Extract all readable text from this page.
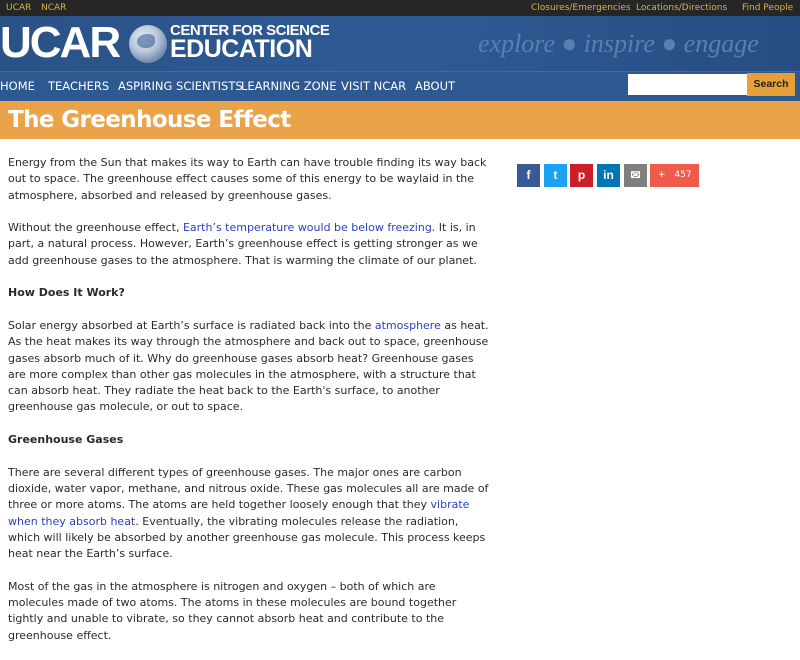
UCAR NCAR	Closures/Emergencies Locations/Directions Find People
UCAR	CENTER FOR SCIENCE
EDUCATION	explore ● inspire ● engage
HOME TEACHERS ASPIRING SCIENTISTS
LEARNING ZONE VISIT NCAR ABOUT	Search
The Greenhouse Effect
f	t	p	in	✉	+ 457

Energy from the Sun that makes its way to Earth can have trouble finding its way back out to space. The greenhouse effect causes some of this energy to be waylaid in the atmosphere, absorbed and released by greenhouse gases.

Without the greenhouse effect, Earth’s temperature would be below freezing. It is, in part, a natural process. However, Earth’s greenhouse effect is getting stronger as we add greenhouse gases to the atmosphere. That is warming the climate of our planet.

How Does It Work?

Solar energy absorbed at Earth’s surface is radiated back into the atmosphere as heat. As the heat makes its way through the atmosphere and back out to space, greenhouse gases absorb much of it. Why do greenhouse gases absorb heat? Greenhouse gases are more complex than other gas molecules in the atmosphere, with a structure that can absorb heat. They radiate the heat back to the Earth's surface, to another greenhouse gas molecule, or out to space.

Greenhouse Gases

There are several different types of greenhouse gases. The major ones are carbon dioxide, water vapor, methane, and nitrous oxide. These gas molecules all are made of three or more atoms. The atoms are held together loosely enough that they vibrate when they absorb heat. Eventually, the vibrating molecules release the radiation, which will likely be absorbed by another greenhouse gas molecule. This process keeps heat near the Earth’s surface.

Most of the gas in the atmosphere is nitrogen and oxygen – both of which are molecules made of two atoms. The atoms in these molecules are bound together tightly and unable to vibrate, so they cannot absorb heat and contribute to the greenhouse effect.
